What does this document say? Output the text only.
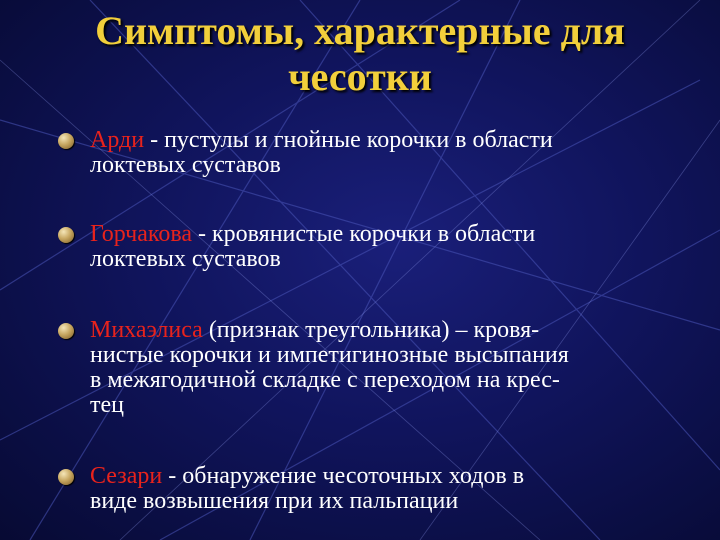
Симптомы, характерные для
чесотки
Арди - пустулы и гнойные корочки в области
локтевых суставов
Горчакова - кровянистые корочки в области
локтевых суставов
Михаэлиса (признак треугольника) – кровя-
нистые корочки и импетигинозные высыпания
в межягодичной складке с переходом на крес-
тец
Сезари - обнаружение чесоточных ходов в
виде возвышения при их пальпации
